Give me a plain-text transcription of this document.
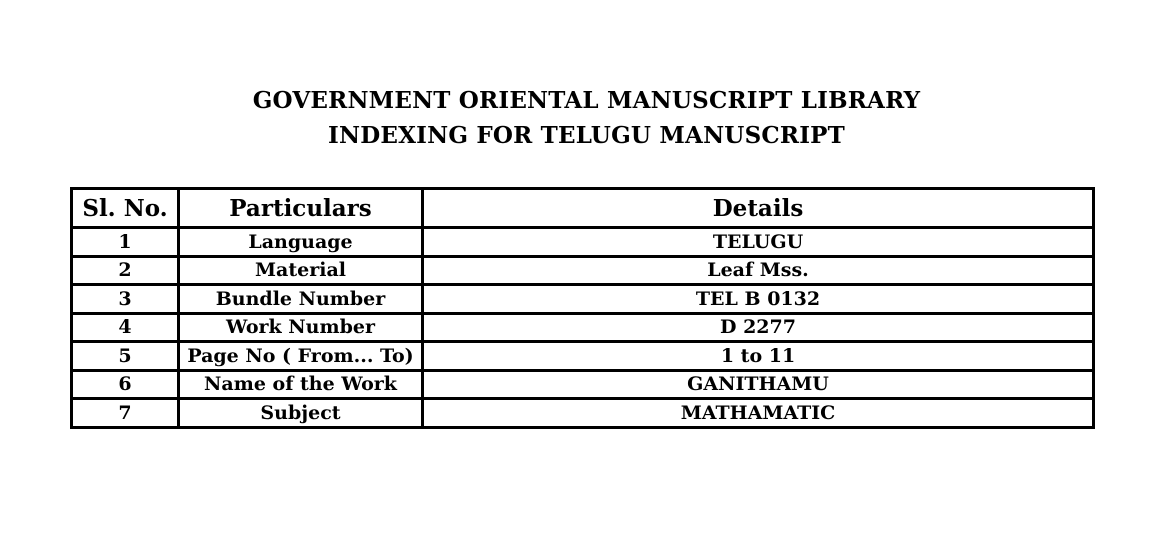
GOVERNMENT ORIENTAL MANUSCRIPT LIBRARY
INDEXING FOR TELUGU MANUSCRIPT
Sl. No.	Particulars	Details
1	Language	TELUGU
2	Material	Leaf Mss.
3	Bundle Number	TEL B 0132
4	Work Number	D 2277
5	Page No ( From... To)	1 to 11
6	Name of the Work	GANITHAMU
7	Subject	MATHAMATIC
